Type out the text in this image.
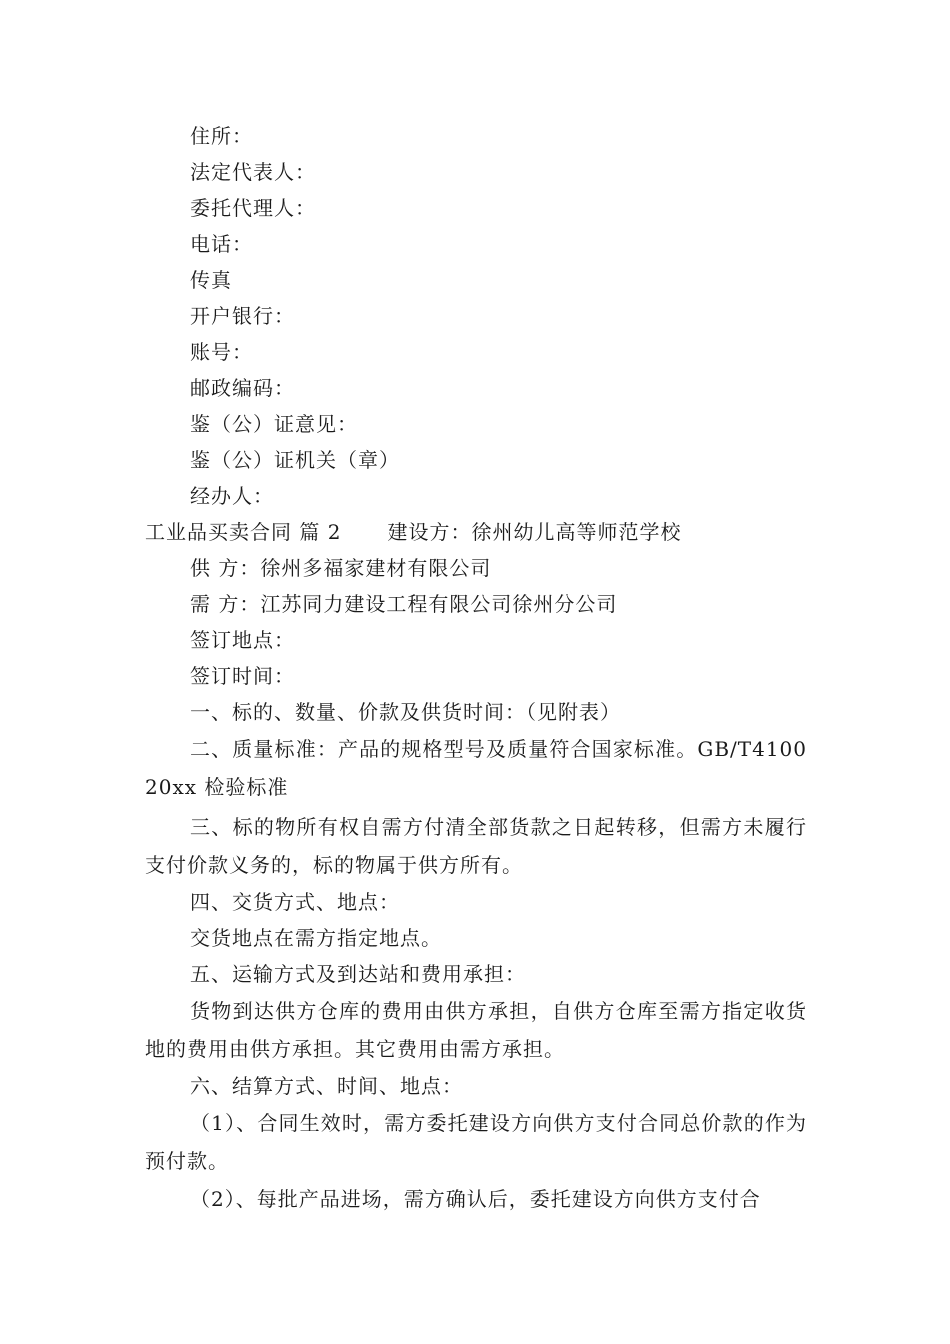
住所：
法定代表人：
委托代理人：
电话：
传真
开户银行：
账号：
邮政编码：
鉴（公）证意见：
鉴（公）证机关（章）
经办人：
工业品买卖合同 篇 2 建设方：徐州幼儿高等师范学校
供 方：徐州多福家建材有限公司
需 方：江苏同力建设工程有限公司徐州分公司
签订地点：
签订时间：
一、标的、数量、价款及供货时间：（见附表）
二、质量标准：产品的规格型号及质量符合国家标准。GB/T410020xx 检验标准
三、标的物所有权自需方付清全部货款之日起转移，但需方未履行支付价款义务的，标的物属于供方所有。
四、交货方式、地点：
交货地点在需方指定地点。
五、运输方式及到达站和费用承担：
货物到达供方仓库的费用由供方承担，自供方仓库至需方指定收货地的费用由供方承担。其它费用由需方承担。
六、结算方式、时间、地点：
（1）、合同生效时，需方委托建设方向供方支付合同总价款的作为预付款。
（2）、每批产品进场，需方确认后，委托建设方向供方支付合
